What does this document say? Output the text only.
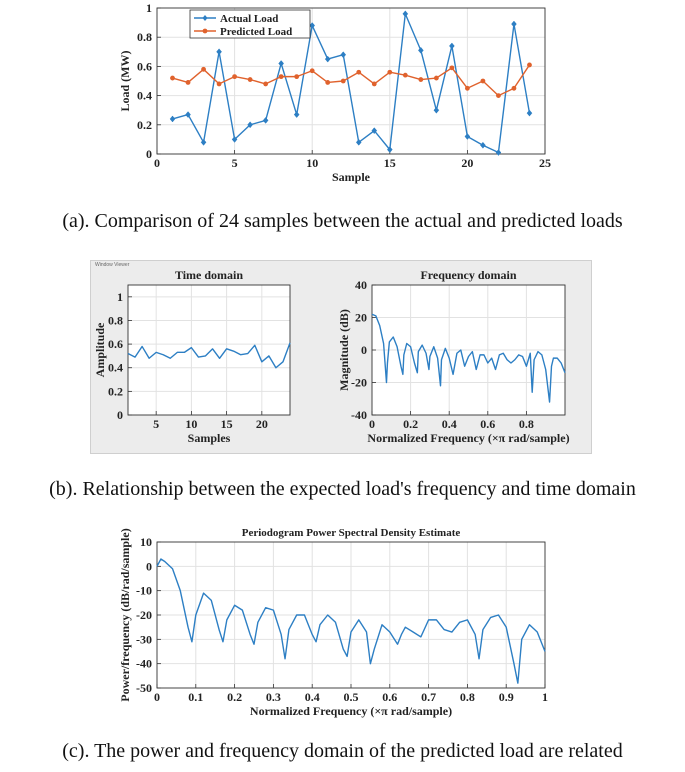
0	5	10	15	20	25
0
0.2
0.4
0.6
0.8
1
Sample
Load (MW)
Actual Load
Predicted Load
(a). Comparison of 24 samples between the actual and predicted loads
Window Viewer
Time domain
5 10 15 20
0
0.2
0.4
0.6
0.8
1
Samples
Amplitude
Frequency domain
0 0.2 0.4 0.6 0.8
-40
-20
0
20
40
Normalized Frequency (×π rad/sample)
Magnitude (dB)
(b). Relationship between the expected load's frequency and time domain
Periodogram Power Spectral Density Estimate
0 0.1 0.2 0.3 0.4 0.5 0.6 0.7 0.8 0.9 1
-50
-40
-30
-20
-10
0
10
Normalized Frequency (×π rad/sample)
Power/frequency (dB/rad/sample)
(c). The power and frequency domain of the predicted load are related
